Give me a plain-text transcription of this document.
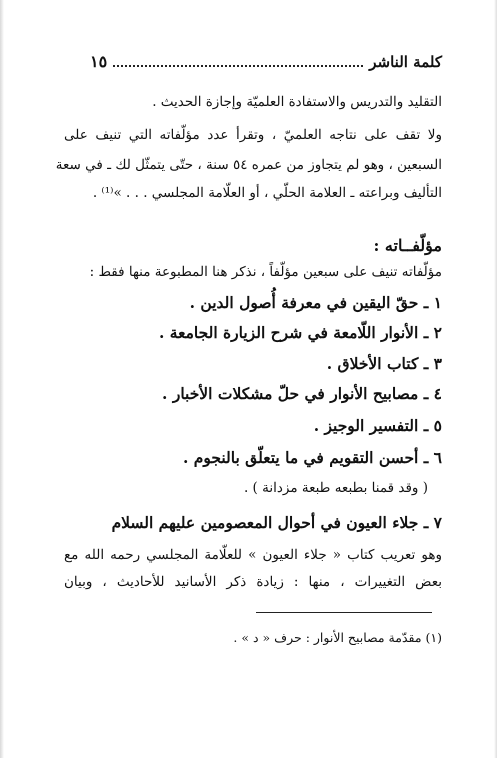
كلمة الناشر
١٥
التقليد والتدريس والاستفادة العلميّة وإجازة الحديث .
ولا تقف على نتاجه العلميّ ، وتقرأ عدد مؤلّفاته التي تنيف على
السبعين ، وهو لم يتجاوز من عمره ٥٤ سنة ، حتّى يتمثّل لك ـ في سعة
التأليف وبراعته ـ العلامة الحلّي ، أو العلّامة المجلسي . . . »⁽¹⁾ .
مؤلّفــاته :
مؤلّفاته تنيف على سبعين مؤلّفاً ، نذكر هنا المطبوعة منها فقط :
١ ـ حقّ اليقين في معرفة أُصول الدين .
٢ ـ الأنوار اللّامعة في شرح الزيارة الجامعة .
٣ ـ كتاب الأخلاق .
٤ ـ مصابيح الأنوار في حلّ مشكلات الأخبار .
٥ ـ التفسير الوجيز .
٦ ـ أحسن التقويم في ما يتعلّق بالنجوم .
( وقد قمنا بطبعه طبعة مزدانة ) .
٧ ـ جلاء العيون في أحوال المعصومين عليهم السلام
وهو تعريب كتاب « جلاء العيون » للعلّامة المجلسي رحمه الله مع
بعض التغييرات ، منها : زيادة ذكر الأسانيد للأحاديث ، وبيان
(١) مقدّمة مصابيح الأنوار : حرف « د » .
